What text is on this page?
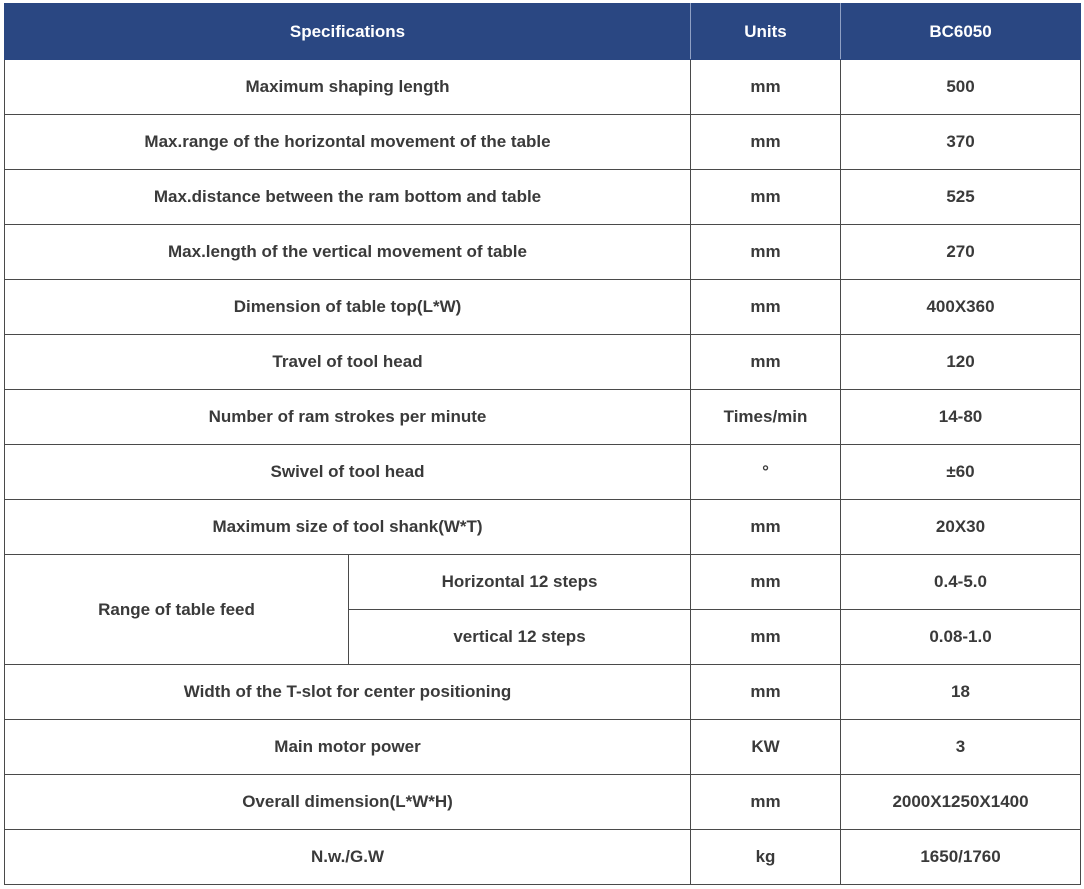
Specifications		Units	BC6050
Maximum shaping length		mm	500
Max.range of the horizontal movement of the table		mm	370
Max.distance between the ram bottom and table		mm	525
Max.length of the vertical movement of table		mm	270
Dimension of table top(L*W)		mm	400X360
Travel of tool head		mm	120
Number of ram strokes per minute		Times/min	14-80
Swivel of tool head		°	±60
Maximum size of tool shank(W*T)		mm	20X30
Range of table feed	Horizontal 12 steps	mm	0.4-5.0
	vertical 12 steps	mm	0.08-1.0
Width of the T-slot for center positioning		mm	18
Main motor power		KW	3
Overall dimension(L*W*H)		mm	2000X1250X1400
N.w./G.W		kg	1650/1760
